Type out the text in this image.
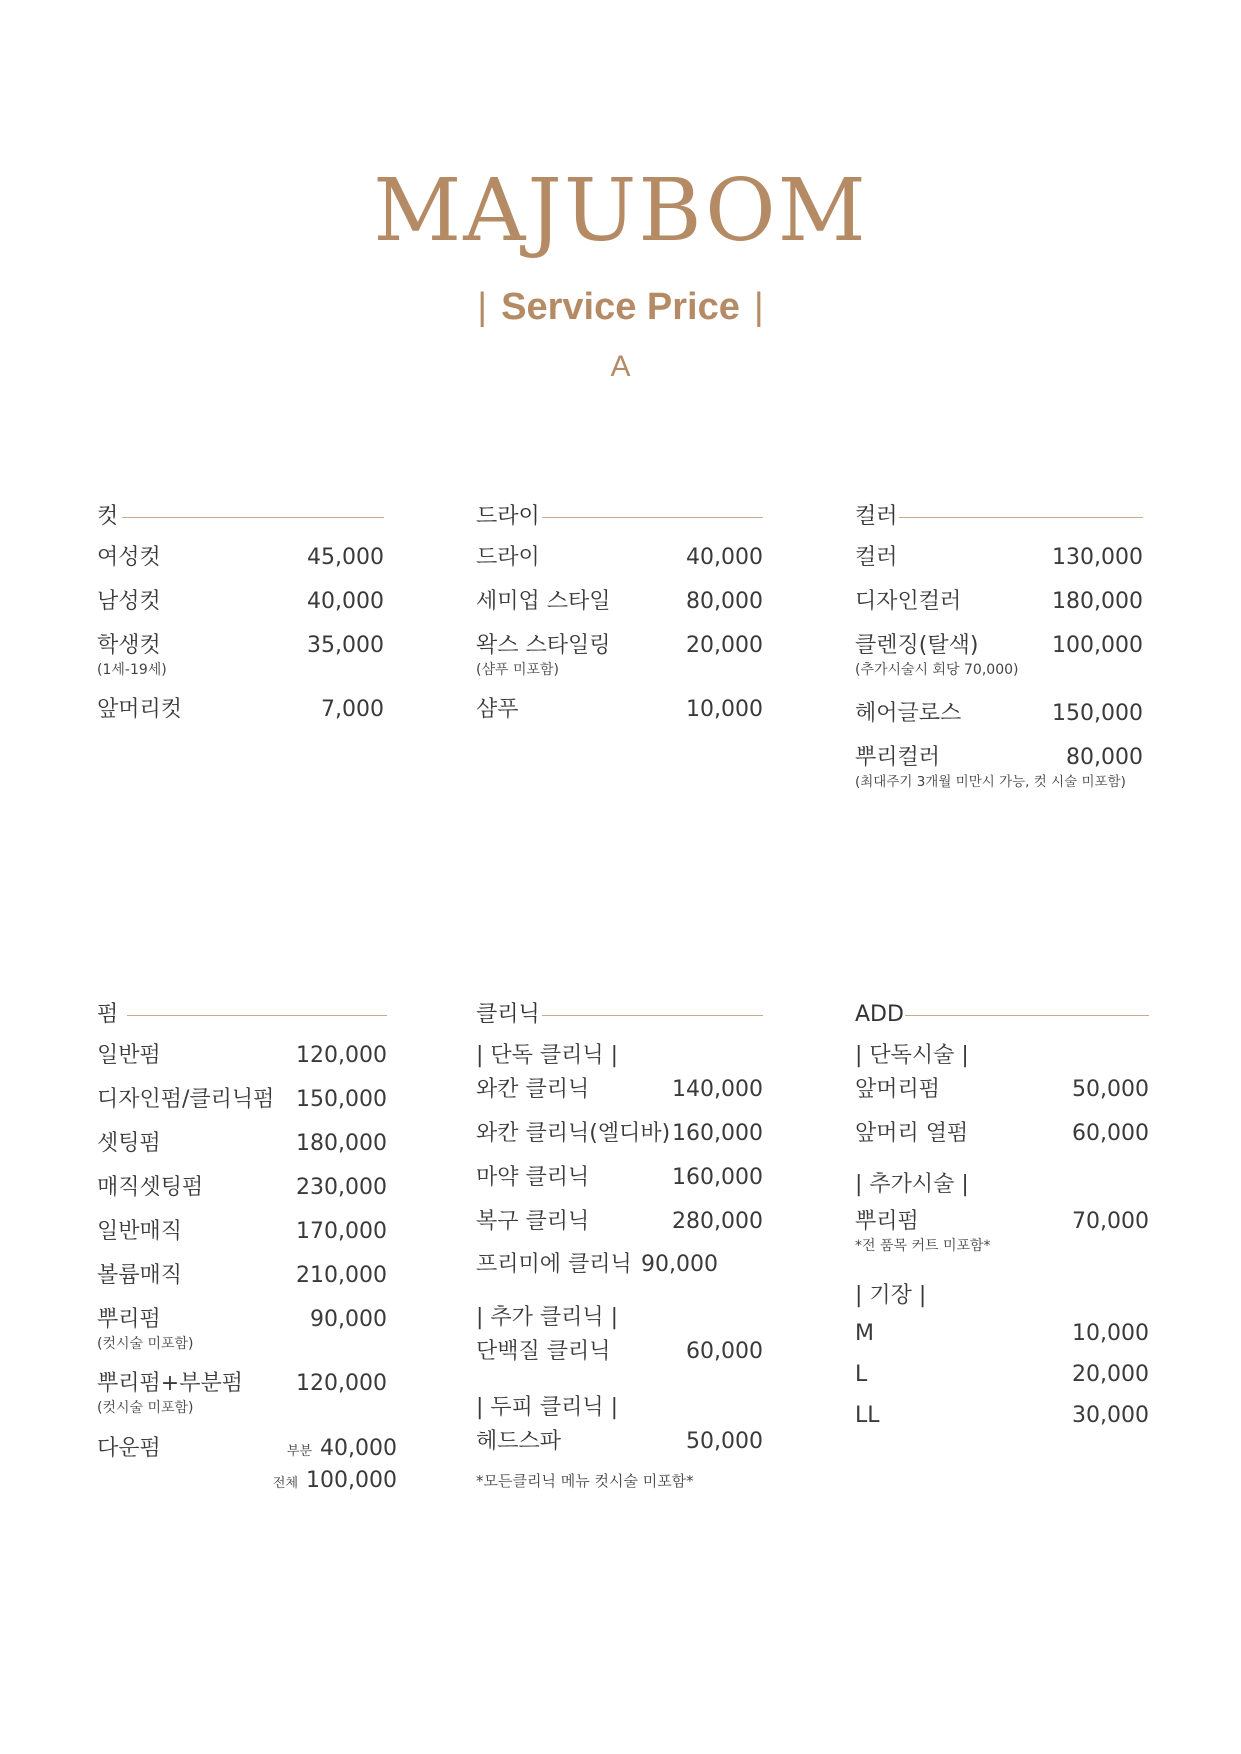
MAJUBOM
| Service Price |
A
컷
여성컷	45,000
남성컷	40,000
학생컷	35,000
(1세-19세)
앞머리컷	7,000
드라이
드라이	40,000
세미업 스타일	80,000
왁스 스타일링	20,000
(샴푸 미포함)
샴푸	10,000
컬러
컬러	130,000
디자인컬러	180,000
클렌징(탈색)	100,000
(추가시술시 회당 70,000)
헤어글로스	150,000
뿌리컬러	80,000
(최대주기 3개월 미만시 가능, 컷 시술 미포함)
펌
일반펌	120,000
디자인펌/클리닉펌 150,000
셋팅펌	180,000
매직셋팅펌	230,000
일반매직	170,000
볼륨매직	210,000
뿌리펌	90,000
(컷시술 미포함)
뿌리펌+부분펌 120,000
(컷시술 미포함)
다운펌	부분 40,000
전체 100,000
클리닉
| 단독 클리닉 |
와칸 클리닉	140,000
와칸 클리닉(엘디바) 160,000
마약 클리닉	160,000
복구 클리닉	280,000
프리미에 클리닉 90,000
| 추가 클리닉 |
단백질 클리닉	60,000
| 두피 클리닉 |
헤드스파	50,000
*모든클리닉 메뉴 컷시술 미포함*
ADD
| 단독시술 |
앞머리펌	50,000
앞머리 열펌	60,000
| 추가시술 |
뿌리펌	70,000
*전 품목 커트 미포함*
| 기장 |
M	10,000
L	20,000
LL	30,000
